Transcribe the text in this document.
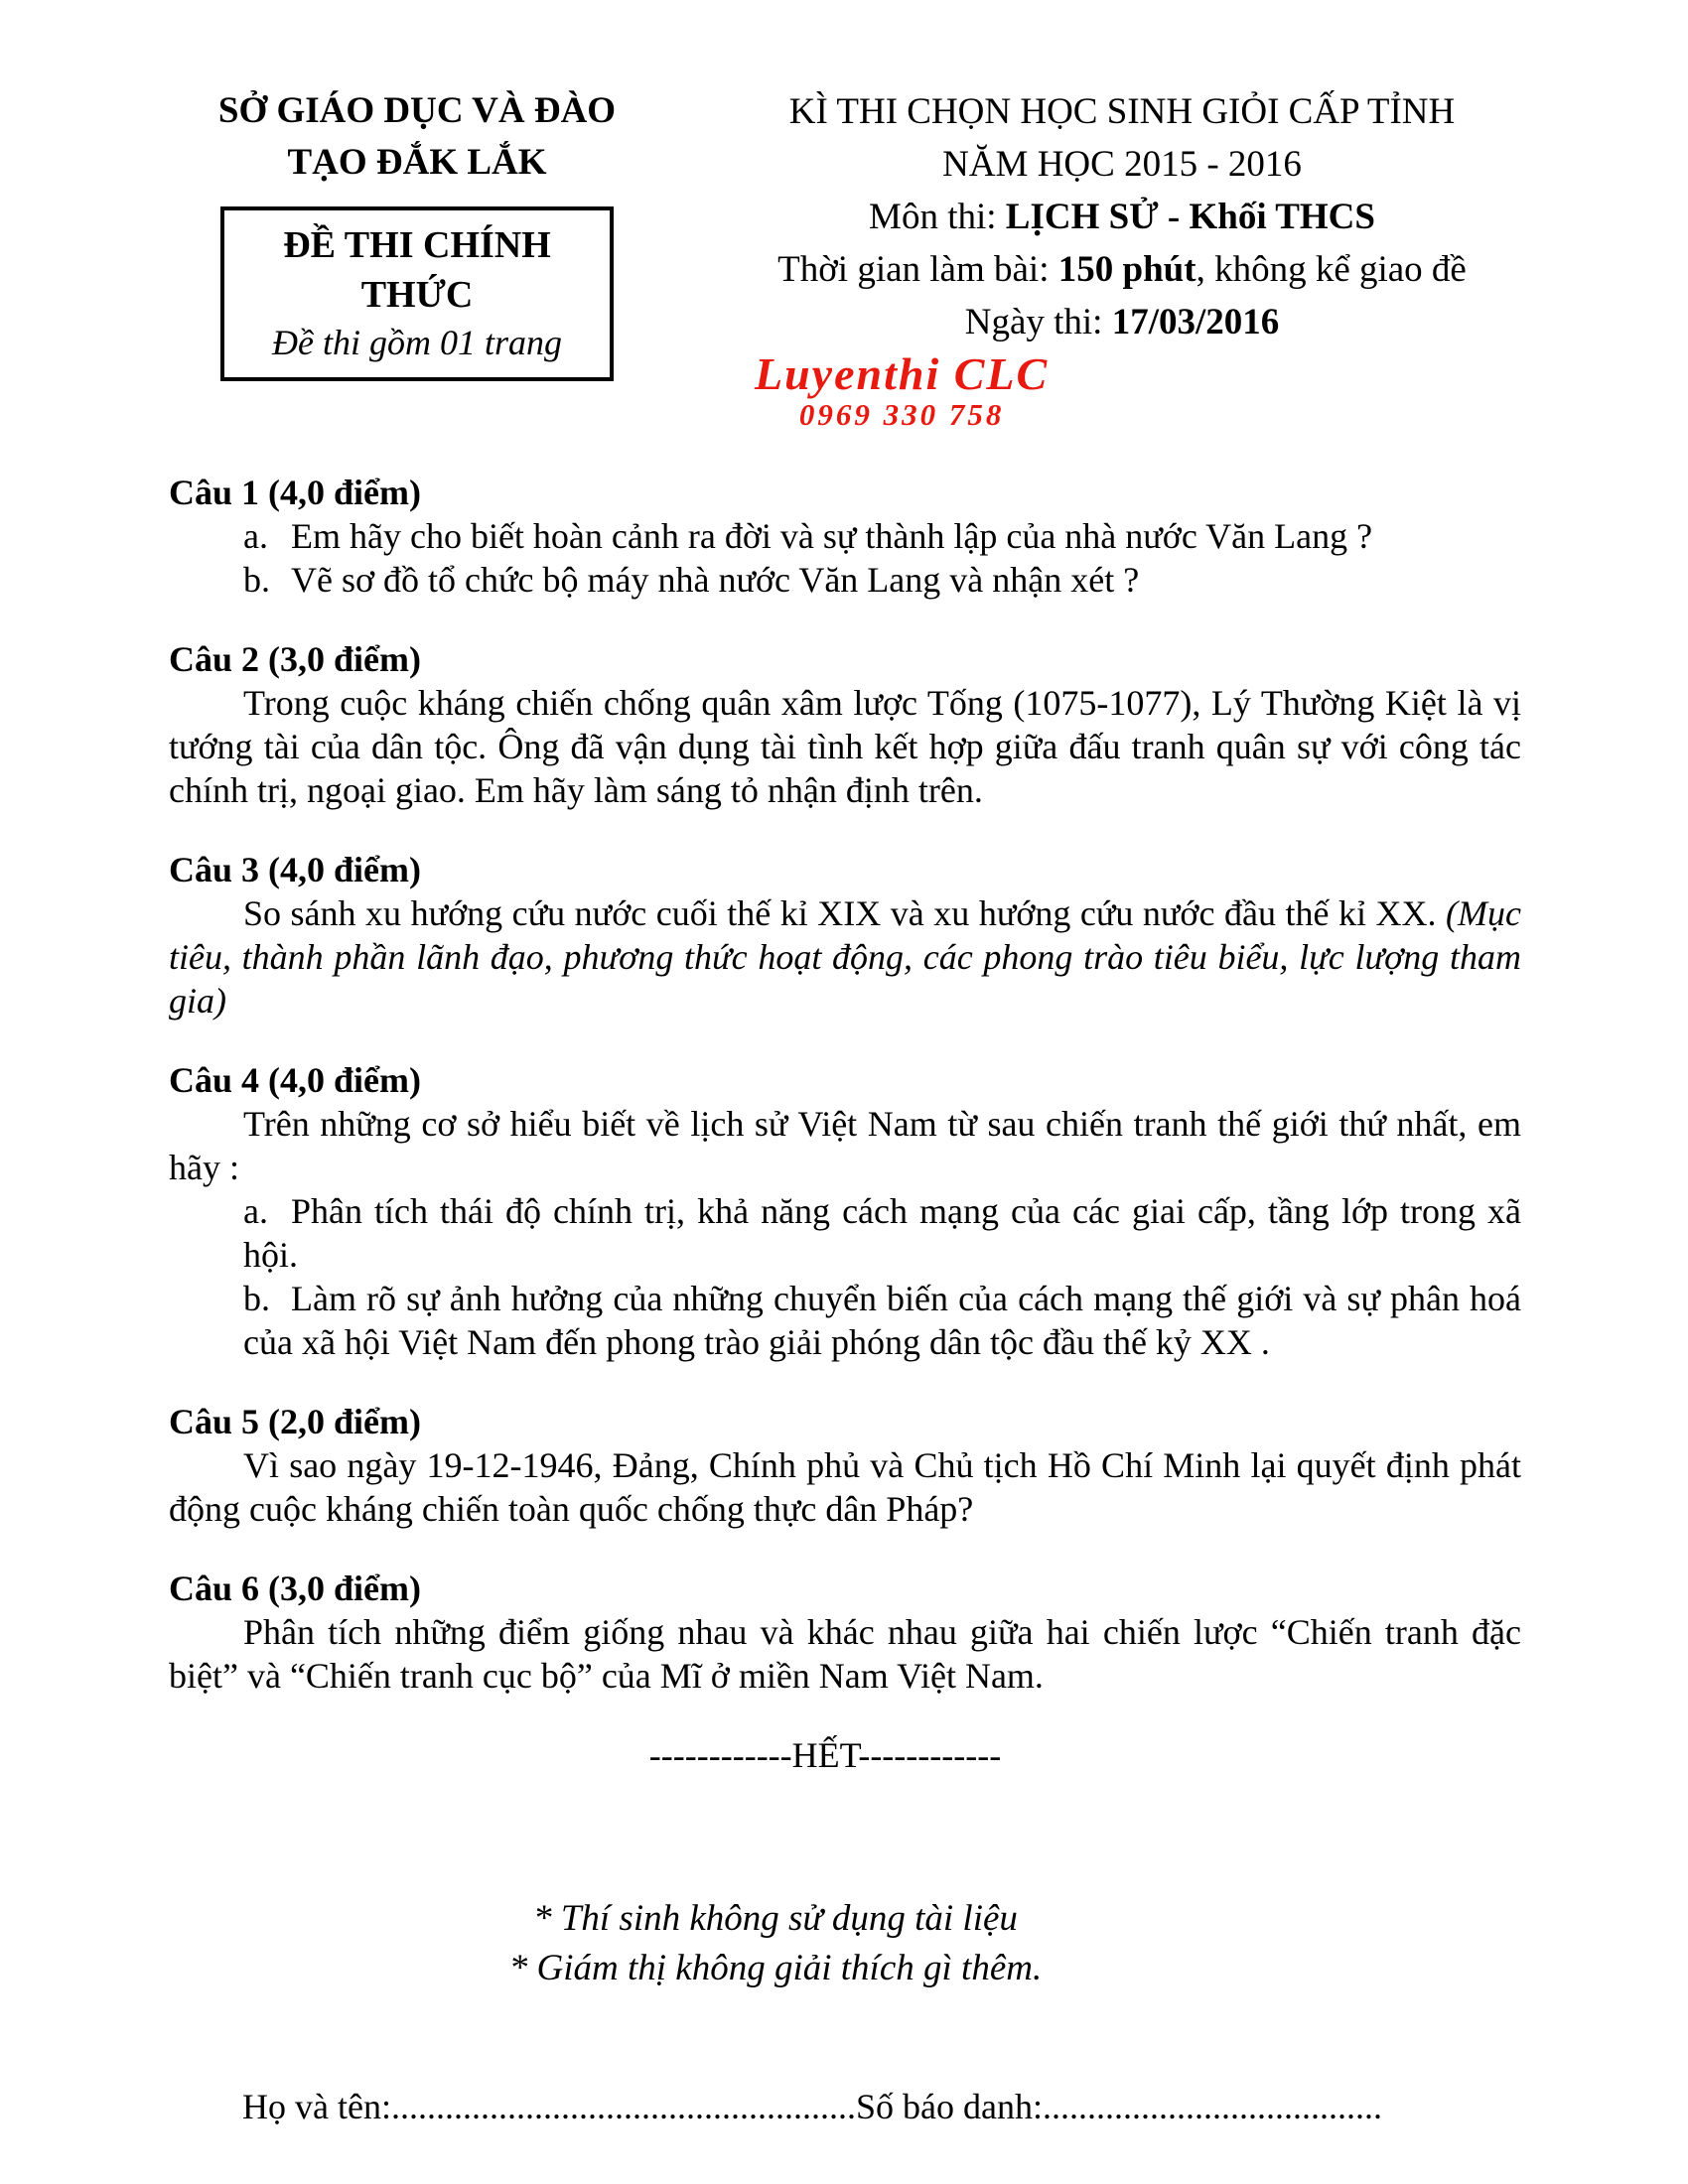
SỞ GIÁO DỤC VÀ ĐÀO
TẠO ĐẮK LẮK
ĐỀ THI CHÍNH THỨC
Đề thi gồm 01 trang
KÌ THI CHỌN HỌC SINH GIỎI CẤP TỈNH
NĂM HỌC 2015 - 2016
Môn thi: LỊCH SỬ - Khối THCS
Thời gian làm bài: 150 phút, không kể giao đề
Ngày thi: 17/03/2016
Luyenthi CLC
0969 330 758
Câu 1 (4,0 điểm)
a. Em hãy cho biết hoàn cảnh ra đời và sự thành lập của nhà nước Văn Lang ?
b. Vẽ sơ đồ tổ chức bộ máy nhà nước Văn Lang và nhận xét ?
Câu 2 (3,0 điểm)

Trong cuộc kháng chiến chống quân xâm lược Tống (1075-1077), Lý Thường Kiệt là vị tướng tài của dân tộc. Ông đã vận dụng tài tình kết hợp giữa đấu tranh quân sự với công tác chính trị, ngoại giao. Em hãy làm sáng tỏ nhận định trên.

Câu 3 (4,0 điểm)

So sánh xu hướng cứu nước cuối thế kỉ XIX và xu hướng cứu nước đầu thế kỉ XX. (Mục tiêu, thành phần lãnh đạo, phương thức hoạt động, các phong trào tiêu biểu, lực lượng tham gia)

Câu 4 (4,0 điểm)

Trên những cơ sở hiểu biết về lịch sử Việt Nam từ sau chiến tranh thế giới thứ nhất, em hãy :

a. Phân tích thái độ chính trị, khả năng cách mạng của các giai cấp, tầng lớp trong xã hội.
b. Làm rõ sự ảnh hưởng của những chuyển biến của cách mạng thế giới và sự phân hoá của xã hội Việt Nam đến phong trào giải phóng dân tộc đầu thế kỷ XX .
Câu 5 (2,0 điểm)

Vì sao ngày 19-12-1946, Đảng, Chính phủ và Chủ tịch Hồ Chí Minh lại quyết định phát động cuộc kháng chiến toàn quốc chống thực dân Pháp?

Câu 6 (3,0 điểm)

Phân tích những điểm giống nhau và khác nhau giữa hai chiến lược “Chiến tranh đặc biệt” và “Chiến tranh cục bộ” của Mĩ ở miền Nam Việt Nam.

------------HẾT------------
* Thí sinh không sử dụng tài liệu
* Giám thị không giải thích gì thêm.
Họ và tên:....................................................Số báo danh:......................................
